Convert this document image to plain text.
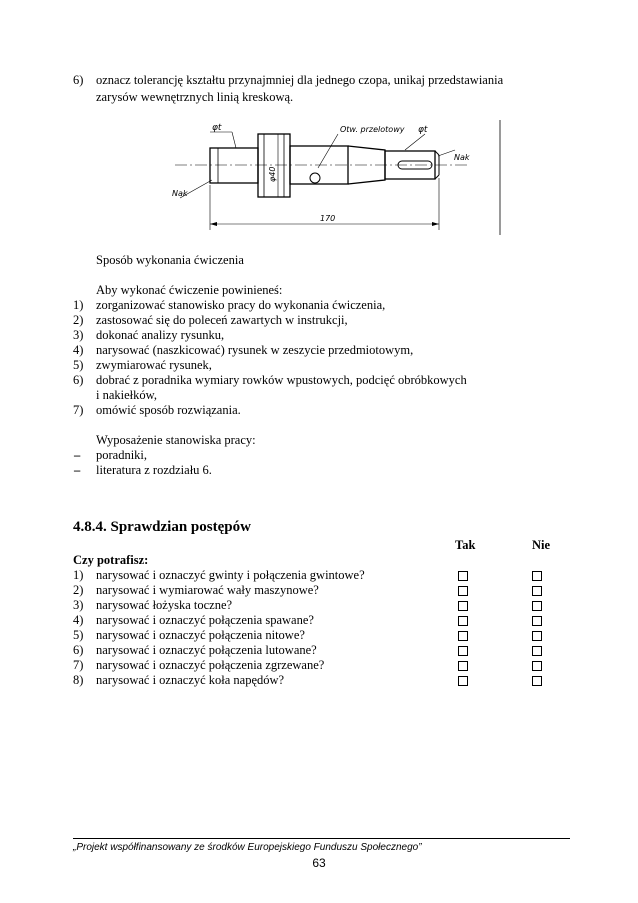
6) oznacz tolerancję kształtu przynajmniej dla jednego czopa, unikaj przedstawiania
zarysów wewnętrznych linią kreskową.
φt	Otw. przelotowy φt
Nak
Nak
φ40
170
Sposób wykonania ćwiczenia
Aby wykonać ćwiczenie powinieneś:
1) zorganizować stanowisko pracy do wykonania ćwiczenia,
2) zastosować się do poleceń zawartych w instrukcji,
3) dokonać analizy rysunku,
4) narysować (naszkicować) rysunek w zeszycie przedmiotowym,
5) zwymiarować rysunek,
6) dobrać z poradnika wymiary rowków wpustowych, podcięć obróbkowych
i nakiełków,
7) omówić sposób rozwiązania.
Wyposażenie stanowiska pracy:
– poradniki,
– literatura z rozdziału 6.
4.8.4. Sprawdzian postępów
Tak	Nie
Czy potrafisz:
1) narysować i oznaczyć gwinty i połączenia gwintowe?
2) narysować i wymiarować wały maszynowe?
3) narysować łożyska toczne?
4) narysować i oznaczyć połączenia spawane?
5) narysować i oznaczyć połączenia nitowe?
6) narysować i oznaczyć połączenia lutowane?
7) narysować i oznaczyć połączenia zgrzewane?
8) narysować i oznaczyć koła napędów?
„Projekt współfinansowany ze środków Europejskiego Funduszu Społecznego”
63
